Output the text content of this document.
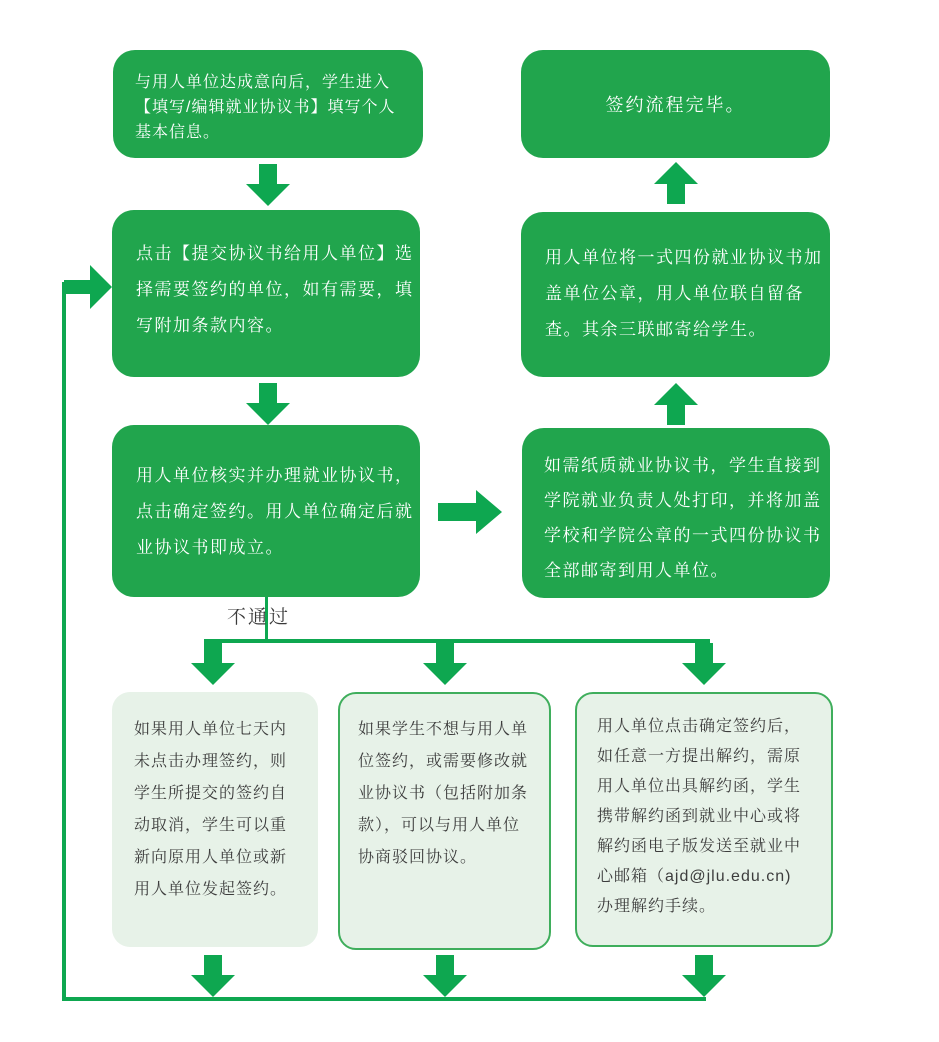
与用人单位达成意向后，学生进入
【填写/编辑就业协议书】填写个人
基本信息。
点击【提交协议书给用人单位】选
择需要签约的单位，如有需要，填
写附加条款内容。
用人单位核实并办理就业协议书，
点击确定签约。用人单位确定后就
业协议书即成立。
如需纸质就业协议书，学生直接到
学院就业负责人处打印，并将加盖
学校和学院公章的一式四份协议书
全部邮寄到用人单位。
用人单位将一式四份就业协议书加
盖单位公章，用人单位联自留备
查。其余三联邮寄给学生。
签约流程完毕。
不通过
如果用人单位七天内
未点击办理签约，则
学生所提交的签约自
动取消，学生可以重
新向原用人单位或新
用人单位发起签约。
如果学生不想与用人单
位签约，或需要修改就
业协议书（包括附加条
款），可以与用人单位
协商驳回协议。
用人单位点击确定签约后，
如任意一方提出解约，需原
用人单位出具解约函，学生
携带解约函到就业中心或将
解约函电子版发送至就业中
心邮箱（ajd@jlu.edu.cn)
办理解约手续。
